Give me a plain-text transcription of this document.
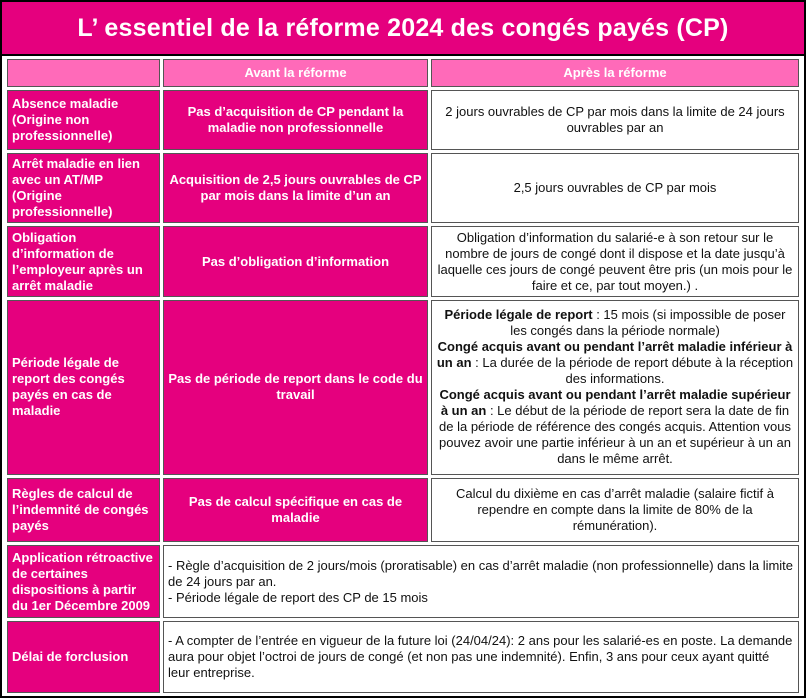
L’ essentiel de la réforme 2024 des congés payés (CP)
	Avant la réforme	Après la réforme
Absence maladie (Origine non professionnelle)	Pas d’acquisition de CP pendant la maladie non professionnelle	2 jours ouvrables de CP par mois dans la limite de 24 jours ouvrables par an
Arrêt maladie en lien avec un AT/MP (Origine professionnelle)	Acquisition de 2,5 jours ouvrables de CP par mois dans la limite d’un an	2,5 jours ouvrables de CP par mois
Obligation d’information de l’employeur après un arrêt maladie	Pas d’obligation d’information	Obligation d’information du salarié-e à son retour sur le nombre de jours de congé dont il dispose et la date jusqu’à laquelle ces jours de congé peuvent être pris (un mois pour le faire et ce, par tout moyen.) .
Période légale de report des congés payés en cas de maladie	Pas de période de report dans le code du travail	Période légale de report : 15 mois (si impossible de poser les congés dans la période normale)
Congé acquis avant ou pendant l’arrêt maladie inférieur à un an : La durée de la période de report débute à la réception des informations.
Congé acquis avant ou pendant l’arrêt maladie supérieur à un an : Le début de la période de report sera la date de fin de la période de référence des congés acquis. Attention vous pouvez avoir une partie inférieur à un an et supérieur à un an dans le même arrêt.

Règles de calcul de l’indemnité de congés payés	Pas de calcul spécifique en cas de maladie	Calcul du dixième en cas d’arrêt maladie (salaire fictif à rependre en compte dans la limite de 80% de la rémunération).
Application rétroactive de certaines dispositions à partir du 1er Décembre 2009	- Règle d’acquisition de 2 jours/mois (proratisable) en cas d’arrêt maladie (non professionnelle) dans la limite de 24 jours par an.
- Période légale de report des CP de 15 mois	

Délai de forclusion	- A compter de l’entrée en vigueur de la future loi (24/04/24): 2 ans pour les salarié-es en poste. La demande aura pour objet l’octroi de jours de congé (et non pas une indemnité). Enfin, 3 ans pour ceux ayant quitté leur entreprise.	
